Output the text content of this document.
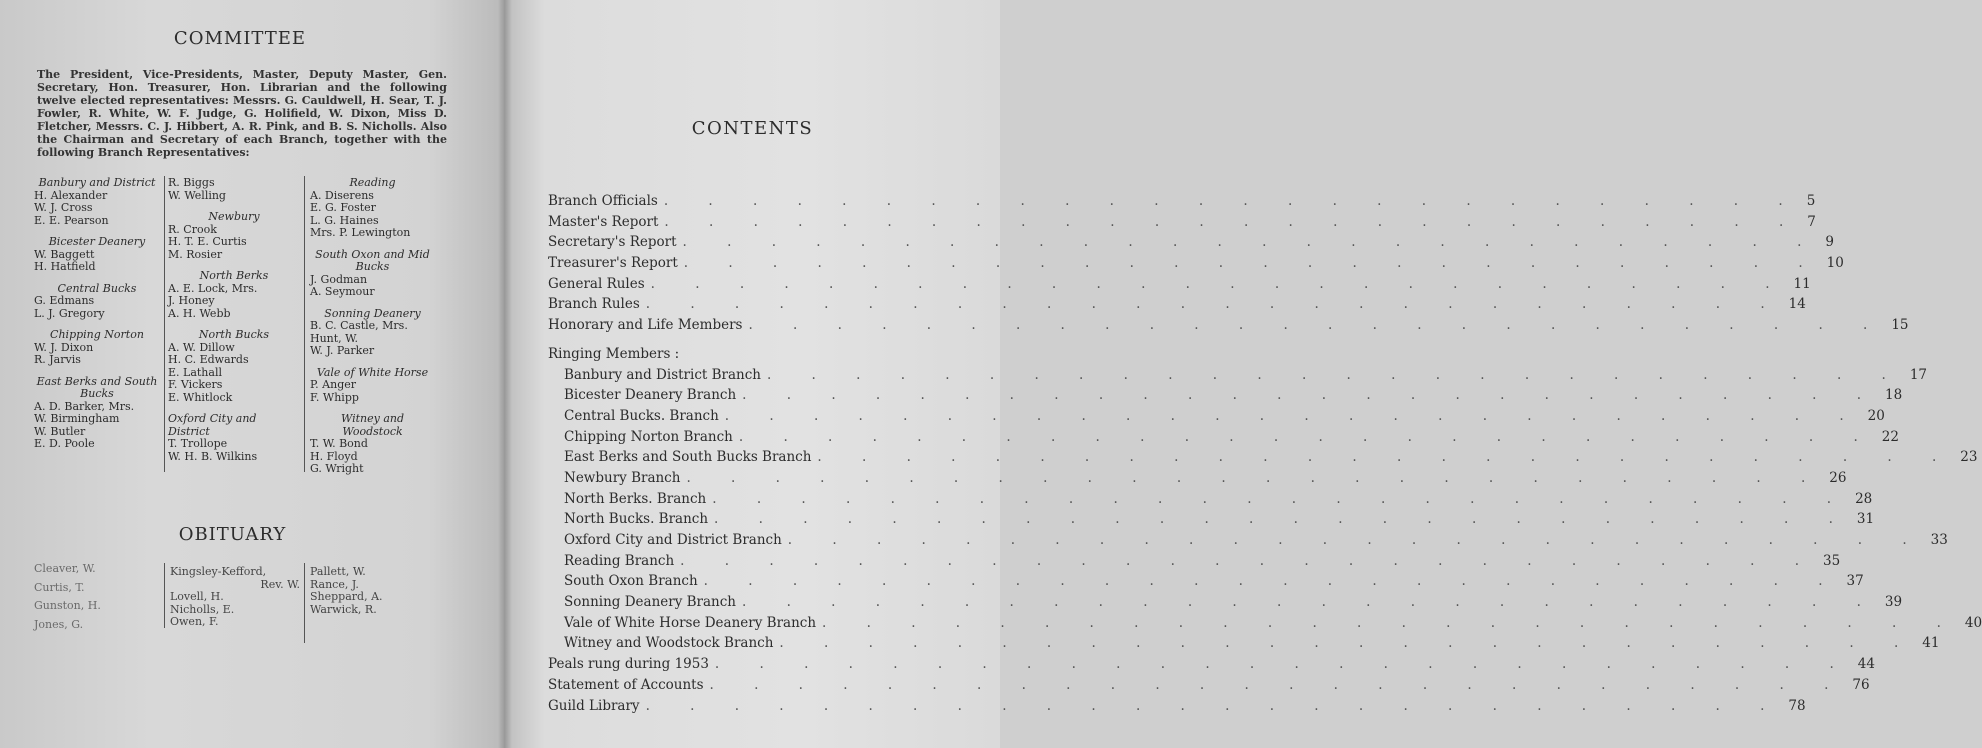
COMMITTEE
The President, Vice-Presidents, Master, Deputy Master, Gen. Secretary, Hon. Treasurer, Hon. Librarian and the following twelve elected representatives: Messrs. G. Cauldwell, H. Sear, T. J. Fowler, R. White, W. F. Judge, G. Holifield, W. Dixon, Miss D. Fletcher, Messrs. C. J. Hibbert, A. R. Pink, and B. S. Nicholls. Also the Chairman and Secretary of each Branch, together with the following Branch Representatives:
Banbury and District
H. Alexander
W. J. Cross
E. E. Pearson
Bicester Deanery
W. Baggett
H. Hatfield
Central Bucks
G. Edmans
L. J. Gregory
Chipping Norton
W. J. Dixon
R. Jarvis
East Berks and South Bucks
A. D. Barker, Mrs.
W. Birmingham
W. Butler
E. D. Poole
R. Biggs
W. Welling
Newbury
R. Crook
H. T. E. Curtis
M. Rosier
North Berks
A. E. Lock, Mrs.
J. Honey
A. H. Webb
North Bucks
A. W. Dillow
H. C. Edwards
E. Lathall
F. Vickers
E. Whitlock
Oxford City and District
T. Trollope
W. H. B. Wilkins
Reading
A. Diserens
E. G. Foster
L. G. Haines
Mrs. P. Lewington
South Oxon and Mid Bucks
J. Godman
A. Seymour
Sonning Deanery
B. C. Castle, Mrs.
Hunt, W.
W. J. Parker
Vale of White Horse
P. Anger
F. Whipp
Witney and Woodstock
T. W. Bond
H. Floyd
G. Wright
OBITUARY
Cleaver, W.
Curtis, T.
Gunston, H.
Jones, G.
Kingsley-Kefford,
Rev. W.
Lovell, H.
Nicholls, E.
Owen, F.
Pallett, W.
Rance, J.
Sheppard, A.
Warwick, R.
CONTENTS
Branch Officials . . . . . . . . . . . . . . . . . . . . . . . . . . 5
Master's Report . . . . . . . . . . . . . . . . . . . . . . . . . . 7
Secretary's Report . . . . . . . . . . . . . . . . . . . . . . . . . . 9
Treasurer's Report . . . . . . . . . . . . . . . . . . . . . . . . . . 10
General Rules . . . . . . . . . . . . . . . . . . . . . . . . . . 11
Branch Rules . . . . . . . . . . . . . . . . . . . . . . . . . . 14
Honorary and Life Members . . . . . . . . . . . . . . . . . . . . . . . . . . 15
Ringing Members :
Banbury and District Branch . . . . . . . . . . . . . . . . . . . . . . . . . . 17
Bicester Deanery Branch . . . . . . . . . . . . . . . . . . . . . . . . . . 18
Central Bucks. Branch . . . . . . . . . . . . . . . . . . . . . . . . . . 20
Chipping Norton Branch . . . . . . . . . . . . . . . . . . . . . . . . . . 22
East Berks and South Bucks Branch . . . . . . . . . . . . . . . . . . . . . . . . . . 23
Newbury Branch . . . . . . . . . . . . . . . . . . . . . . . . . . 26
North Berks. Branch . . . . . . . . . . . . . . . . . . . . . . . . . . 28
North Bucks. Branch . . . . . . . . . . . . . . . . . . . . . . . . . . 31
Oxford City and District Branch . . . . . . . . . . . . . . . . . . . . . . . . . . 33
Reading Branch . . . . . . . . . . . . . . . . . . . . . . . . . . 35
South Oxon Branch . . . . . . . . . . . . . . . . . . . . . . . . . . 37
Sonning Deanery Branch . . . . . . . . . . . . . . . . . . . . . . . . . . 39
Vale of White Horse Deanery Branch . . . . . . . . . . . . . . . . . . . . . . . . . . 40
Witney and Woodstock Branch . . . . . . . . . . . . . . . . . . . . . . . . . . 41
Peals rung during 1953 . . . . . . . . . . . . . . . . . . . . . . . . . . 44
Statement of Accounts . . . . . . . . . . . . . . . . . . . . . . . . . . 76
Guild Library . . . . . . . . . . . . . . . . . . . . . . . . . . 78
